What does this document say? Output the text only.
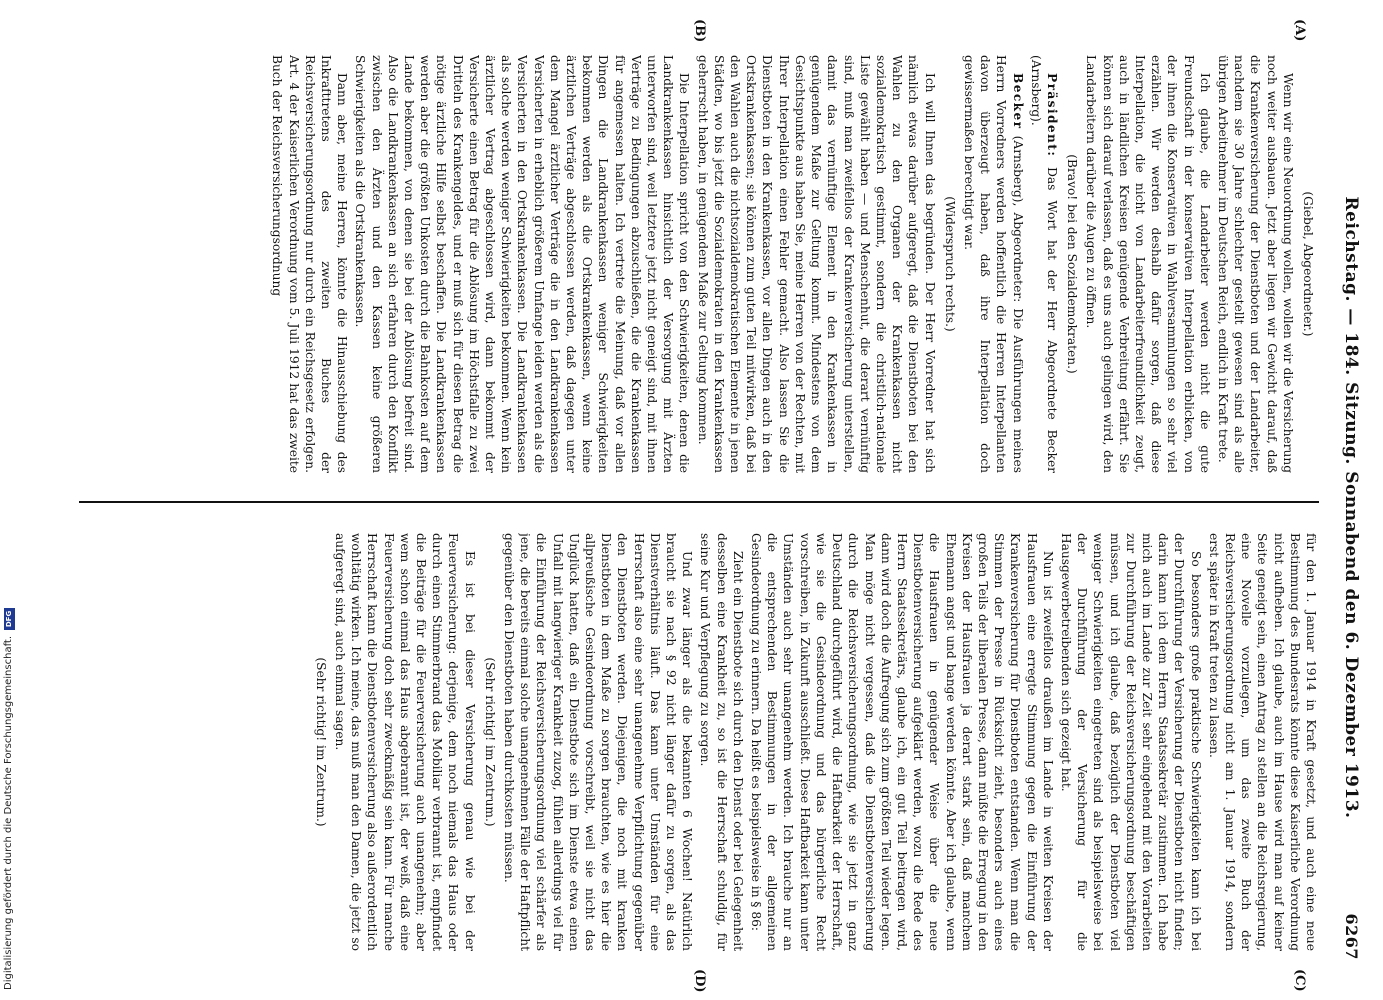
Reichstag. — 184. Sitzung. Sonnabend den 6. Dezember 1913.
6267
(A)
(B)
(C)
(D)

(Giebel, Abgeordneter.)

Wenn wir eine Neuordnung wollen, wollen wir die Versicherung noch weiter ausbauen. Jetzt aber liegen wir Gewicht darauf, daß die Krankenversicherung der Dienstboten und der Landarbeiter, nachdem sie 30 Jahre schlechter gestellt gewesen sind als alle übrigen Arbeitnehmer im Deutschen Reich, endlich in Kraft trete.

Ich glaube, die Landarbeiter werden nicht die gute Freundschaft in der konservativen Interpellation erblicken, von der ihnen die Konservativen in Wahlversammlungen so sehr viel erzählen. Wir werden deshalb dafür sorgen, daß diese Interpellation, die nicht von Landarbeiterfreundlichkeit zeugt, auch in ländlichen Kreisen genügende Verbreitung erfährt. Sie können sich darauf verlassen, daß es uns auch gelingen wird, den Landarbeitern darüber die Augen zu öffnen.

(Bravo! bei den Sozialdemokraten.)

Präsident: Das Wort hat der Herr Abgeordnete Becker (Arnsberg).

Becker (Arnsberg), Abgeordneter: Die Ausführungen meines Herrn Vorredners werden hoffentlich die Herren Interpellanten davon überzeugt haben, daß ihre Interpellation doch gewissermaßen berechtigt war.

(Widerspruch rechts.)

Ich will Ihnen das begründen. Der Herr Vorredner hat sich nämlich etwas darüber aufgeregt, daß die Dienstboten bei den Wahlen zu den Organen der Krankenkassen nicht sozialdemokratisch gestimmt, sondern die christlich-nationale Liste gewählt haben — und Menschenhut, die derart vernünftig sind, muß man zweifellos der Krankenversicherung unterstellen, damit das vernünftige Element in den Krankenkassen in genügendem Maße zur Geltung kommt. Mindestens von dem Gesichtspunkte aus haben Sie, meine Herren von der Rechten, mit Ihrer Interpellation einen Fehler gemacht. Also lassen Sie die Dienstboten in den Krankenkassen, vor allen Dingen auch in den Ortskrankenkassen; sie können zum guten Teil mitwirken, daß bei den Wahlen auch die nichtsozialdemokratischen Elemente in jenen Städten, wo bis jetzt die Sozialdemokraten in den Krankenkassen geherrscht haben, in genügendem Maße zur Geltung kommen.

Die Interpellation spricht von den Schwierigkeiten, denen die Landkrankenkassen hinsichtlich der Versorgung mit Ärzten unterworfen sind, weil letztere jetzt nicht geneigt sind, mit ihnen Verträge zu Bedingungen abzuschließen, die die Krankenkassen für angemessen halten. Ich vertrete die Meinung, daß vor allen Dingen die Landkrankenkassen weniger Schwierigkeiten bekommen werden als die Ortskrankenkassen, wenn keine ärztlichen Verträge abgeschlossen werden, daß dagegen unter dem Mangel ärztlicher Verträge die in den Landkrankenkassen Versicherten in erheblich größerem Umfange leiden werden als die Versicherten in den Ortskrankenkassen. Die Landkrankenkassen als solche werden weniger Schwierigkeiten bekommen. Wenn kein ärztlicher Vertrag abgeschlossen wird, dann bekommt der Versicherte einen Betrag für die Ablösung im Höchstfalle zu zwei Dritteln des Krankengeldes, und er muß sich für diesen Betrag die nötige ärztliche Hilfe selbst beschaffen. Die Landkrankenkassen werden aber die größten Unkosten durch die Bahnkosten auf dem Lande bekommen, von denen sie bei der Ablösung befreit sind. Also die Landkrankenkassen an sich erfahren durch den Konflikt zwischen den Ärzten und den Kassen keine größeren Schwierigkeiten als die Ortskrankenkassen.

Dann aber, meine Herren, könnte die Hinausschiebung des Inkrafttretens des zweiten Buches der Reichsversicherungsordnung nur durch ein Reichsgesetz erfolgen. Art. 4 der Kaiserlichen Verordnung vom 5. Juli 1912 hat das zweite Buch der Reichsversicherungsordnung

für den 1. Januar 1914 in Kraft gesetzt, und auch eine neue Bestimmung des Bundesrats könnte diese Kaiserliche Verordnung nicht aufheben. Ich glaube, auch im Hause wird man auf keiner Seite geneigt sein, einen Antrag zu stellen an die Reichsregierung, eine Novelle vorzulegen, um das zweite Buch der Reichsversicherungsordnung nicht am 1. Januar 1914, sondern erst später in Kraft treten zu lassen.

So besonders große praktische Schwierigkeiten kann ich bei der Durchführung der Versicherung der Dienstboten nicht finden; darin kann ich dem Herrn Staatssekretär zustimmen. Ich habe mich auch im Lande zur Zeit sehr eingehend mit den Vorarbeiten zur Durchführung der Reichsversicherungsordnung beschäftigen müssen, und ich glaube, daß bezüglich der Dienstboten viel weniger Schwierigkeiten eingetreten sind als beispielsweise bei der Durchführung der Versicherung für die Hausgewerbetreibenden sich gezeigt hat.

Nun ist zweifellos draußen im Lande in weiten Kreisen der Hausfrauen eine erregte Stimmung gegen die Einführung der Krankenversicherung für Dienstboten entstanden. Wenn man die Stimmen der Presse in Rücksicht zieht, besonders auch eines großen Teils der liberalen Presse, dann müßte die Erregung in den Kreisen der Hausfrauen ja derart stark sein, daß manchem Ehemann angst und bange werden könnte. Aber ich glaube, wenn die Hausfrauen in genügender Weise über die neue Dienstbotenversicherung aufgeklärt werden, wozu die Rede des Herrn Staatssekretärs, glaube ich, ein gut Teil beitragen wird, dann wird doch die Aufregung sich zum größten Teil wieder legen. Man möge nicht vergessen, daß die Dienstbotenversicherung durch die Reichsversicherungsordnung, wie sie jetzt in ganz Deutschland durchgeführt wird, die Haftbarkeit der Herrschaft, wie sie die Gesindeordnung und das bürgerliche Recht vorschreiben, in Zukunft ausschließt. Diese Haftbarkeit kann unter Umständen auch sehr unangenehm werden. Ich brauche nur an die entsprechenden Bestimmungen in der allgemeinen Gesindeordnung zu erinnern. Da heißt es beispielsweise in § 86:

Zieht ein Dienstbote sich durch den Dienst oder bei Gelegenheit desselben eine Krankheit zu, so ist die Herrschaft schuldig, für seine Kur und Verpflegung zu sorgen.

Und zwar länger als die bekannten 6 Wochen! Natürlich braucht sie nach § 92 nicht länger dafür zu sorgen, als das Dienstverhältnis läuft. Das kann unter Umständen für eine Herrschaft also eine sehr unangenehme Verpflichtung gegenüber den Dienstboten werden. Diejenigen, die noch mit kranken Dienstboten in dem Maße zu sorgen brauchten, wie es hier die allpreußische Gesindeordnung vorschreibt, weil sie nicht das Unglück hatten, daß ein Dienstbote sich im Dienste etwa einen Unfall mit langwieriger Krankheit zuzog, fühlen allerdings viel für die Einführung der Reichsversicherungsordnung viel schärfer als jene, die bereits einmal solche unangenehmen Fälle der Haftpflicht gegenüber den Dienstboten haben durchkosten müssen.

(Sehr richtig! im Zentrum.)

Es ist bei dieser Versicherung genau wie bei der Feuerversicherung: derjenige, dem noch niemals das Haus oder durch einen Stimmerbrand das Mobiliar verbrannt ist, empfindet die Beiträge für die Feuerversicherung auch unangenehm; aber wem schon einmal das Haus abgebrannt ist, der weiß, daß eine Feuerversicherung doch sehr zweckmäßig sein kann. Für manche Herrschaft kann die Dienstbotenversicherung also außerordentlich wohltätig wirken. Ich meine, das muß man den Damen, die jetzt so aufgeregt sind, auch einmal sagen.

(Sehr richtig! im Zentrum.)

Digitalisierung gefördert durch die Deutsche Forschungsgemeinschaft.
DFG
